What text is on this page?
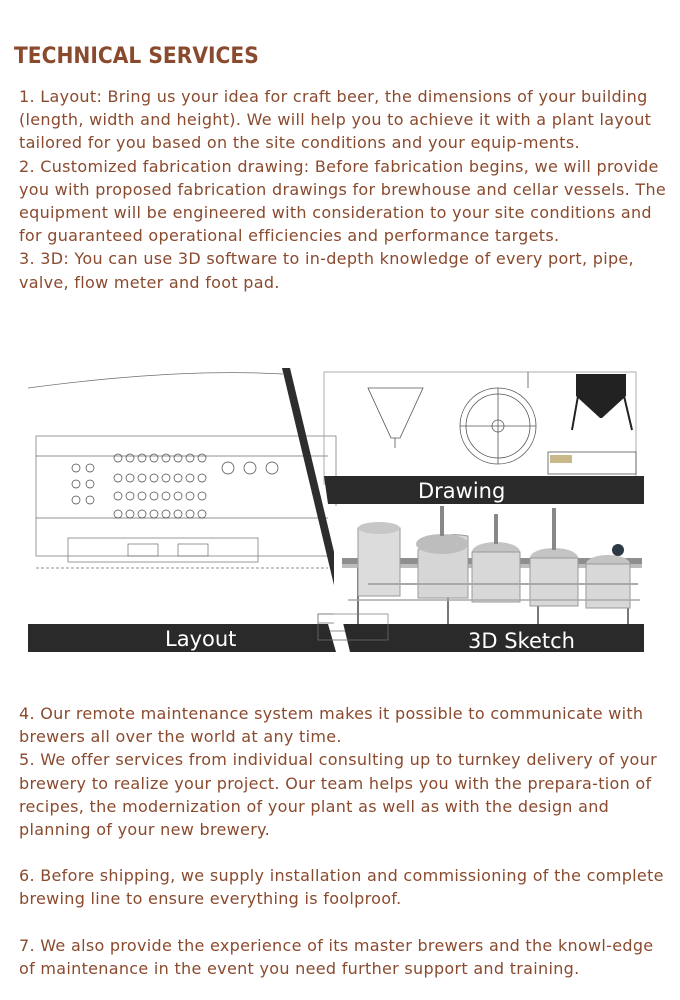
TECHNICAL SERVICES

1. Layout: Bring us your idea for craft beer, the dimensions of your building (length, width and height). We will help you to achieve it with a plant layout tailored for you based on the site conditions and your equip-ments.

2. Customized fabrication drawing: Before fabrication begins, we will provide you with proposed fabrication drawings for brewhouse and cellar vessels. The equipment will be engineered with consideration to your site conditions and for guaranteed operational efficiencies and performance targets.

3. 3D: You can use 3D software to in-depth knowledge of every port, pipe, valve, flow meter and foot pad.

Drawing
Layout	3D Sketch

4. Our remote maintenance system makes it possible to communicate with brewers all over the world at any time.

5. We offer services from individual consulting up to turnkey delivery of your brewery to realize your project. Our team helps you with the prepara-tion of recipes, the modernization of your plant as well as with the design and planning of your new brewery.

6. Before shipping, we supply installation and commissioning of the complete brewing line to ensure everything is foolproof.

7. We also provide the experience of its master brewers and the knowl-edge of maintenance in the event you need further support and training.
